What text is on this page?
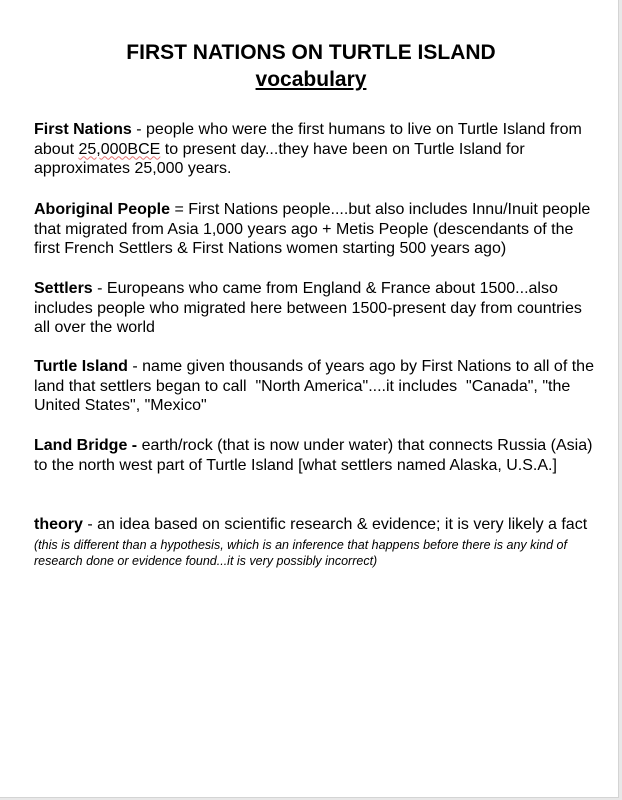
FIRST NATIONS ON TURTLE ISLAND
vocabulary
First Nations - people who were the first humans to live on Turtle Island from about 25,000BCE to present day...they have been on Turtle Island for approximates 25,000 years.
Aboriginal People = First Nations people....but also includes Innu/Inuit people that migrated from Asia 1,000 years ago + Metis People (descendants of the first French Settlers & First Nations women starting 500 years ago)
Settlers - Europeans who came from England & France about 1500...also includes people who migrated here between 1500-present day from countries all over the world
Turtle Island - name given thousands of years ago by First Nations to all of the land that settlers began to call  "North America"....it includes  "Canada", "the United States", "Mexico"
Land Bridge - earth/rock (that is now under water) that connects Russia (Asia) to the north west part of Turtle Island [what settlers named Alaska, U.S.A.]
theory - an idea based on scientific research & evidence; it is very likely a fact
(this is different than a hypothesis, which is an inference that happens before there is any kind of research done or evidence found...it is very possibly incorrect)
